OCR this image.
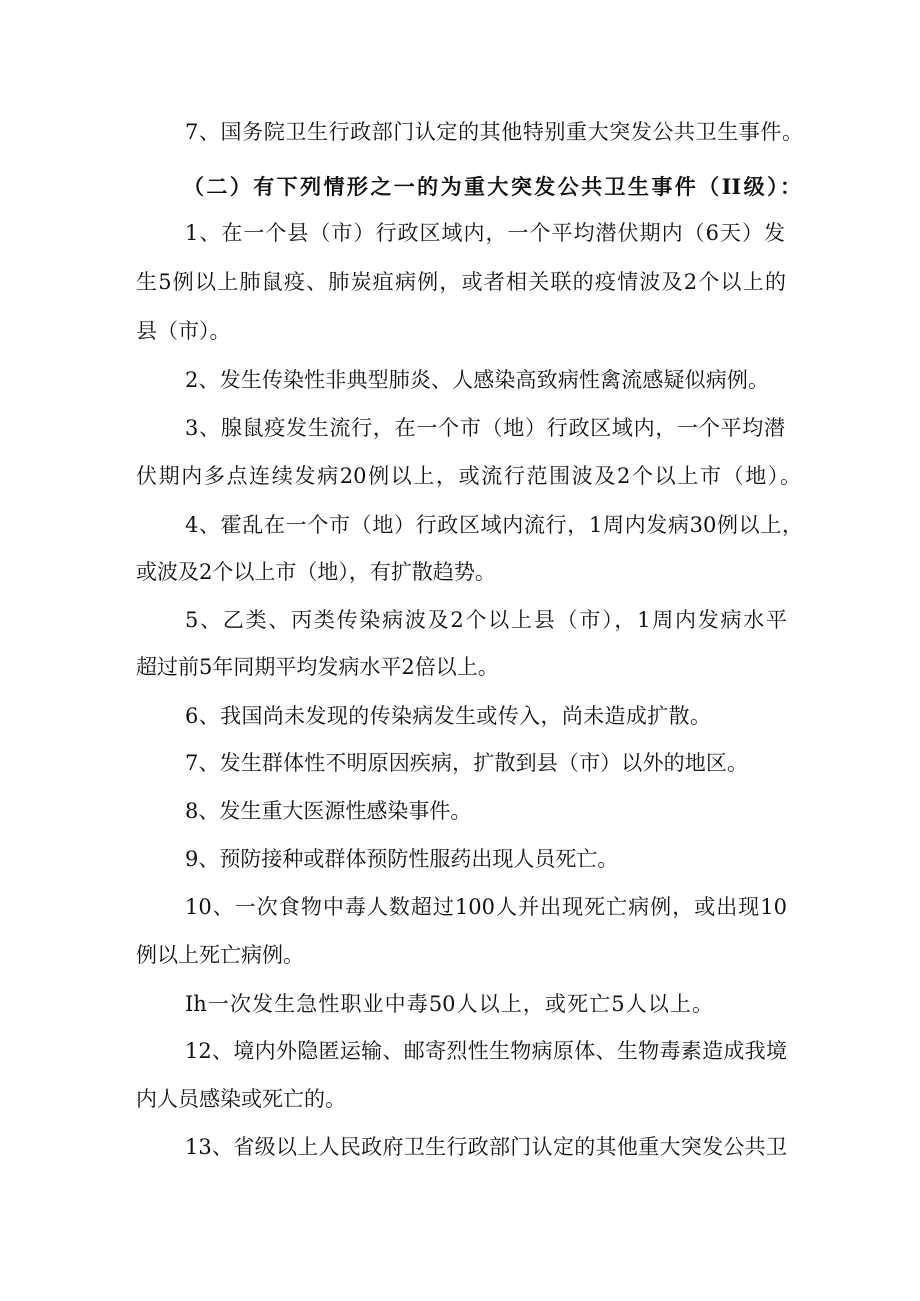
7、国务院卫生行政部门认定的其他特别重大突发公共卫生事件。

（二）有下列情形之一的为重大突发公共卫生事件（II级）：

1、在一个县（市）行政区域内，一个平均潜伏期内（6天）发

生5例以上肺鼠疫、肺炭疽病例，或者相关联的疫情波及2个以上的

县（市）。

2、发生传染性非典型肺炎、人感染高致病性禽流感疑似病例。

3、腺鼠疫发生流行，在一个市（地）行政区域内，一个平均潜

伏期内多点连续发病20例以上，或流行范围波及2个以上市（地）。

4、霍乱在一个市（地）行政区域内流行，1周内发病30例以上，

或波及2个以上市（地），有扩散趋势。

5、乙类、丙类传染病波及2个以上县（市），1周内发病水平

超过前5年同期平均发病水平2倍以上。

6、我国尚未发现的传染病发生或传入，尚未造成扩散。

7、发生群体性不明原因疾病，扩散到县（市）以外的地区。

8、发生重大医源性感染事件。

9、预防接种或群体预防性服药出现人员死亡。

10、一次食物中毒人数超过100人并出现死亡病例，或出现10

例以上死亡病例。

Ih一次发生急性职业中毒50人以上，或死亡5人以上。

12、境内外隐匿运输、邮寄烈性生物病原体、生物毒素造成我境

内人员感染或死亡的。

13、省级以上人民政府卫生行政部门认定的其他重大突发公共卫
